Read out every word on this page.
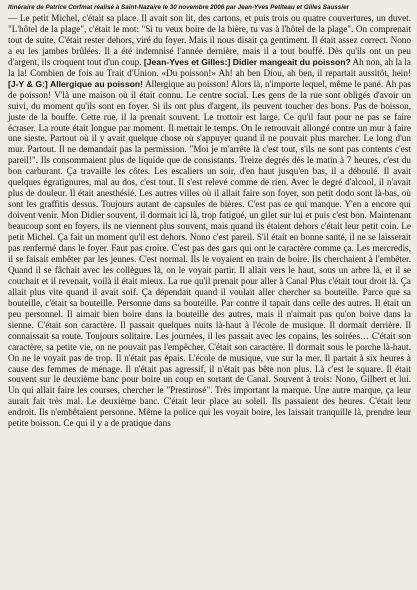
Itinéraire de Patrice Corfmat réalisé à Saint-Nazaire le 30 novembre 2006 par Jean-Yves Petiteau et Gilles Saussier

— Le petit Michel, c'était sa place. Il avait son lit, des cartons, et puis trois ou quatre couvertures, un duvet. "L'hôtel de la plage", c'était le mot: "Si tu veux boire de la bière, tu vas à l'hôtel de la plage". On comprenait tout de suite. C'était rester dehors, viré du foyer. Mais il nous disait ça gentiment. Il était assez correct. Nono a eu les jambes brûlées. Il a été indemnisé l'année dernière, mais il a tout bouffé. Dès qu'ils ont un peu d'argent, ils croquent tout d'un coup. [Jean-Yves et Gilles:] Didier mangeait du poisson? Ah non, ah la la la la! Combien de fois au Trait d'Union. «Du poisson!» Ah! ah ben Diou, ah ben, il repartait aussitôt, hein! [J-Y & G:] Allergique au poisson! Allergique au poisson! Alors là, n'importe lequel, même le pané. Ah pas de poisson! V'là une maison où il était connu. Le centre social. Les gens de la rue sont obligés d'avoir un suivi, du moment qu'ils sont en foyer. Si ils ont plus d'argent, ils peuvent toucher des bons. Pas de boisson, juste de la bouffe. Cette rue, il la prenait souvent. Le trottoir est large. Ce qu'il faut pour ne pas se faire écraser. La route était longue par moment. Il mettait le temps. On le retrouvait allongé contre un mur à faire une sieste. Partout où il y avait quelque chose où s'appuyer quand il ne pouvait plus marcher. Le long d'un mur. Partout. Il ne demandait pas la permission. "Moi je m'arrête là c'est tout, s'ils ne sont pas contents c'est pareil!". Ils consommaient plus de liquide que de consistants. Treize degrés dès le matin à 7 heures, c'est du bon carburant. Ça travaille les côtes. Les escaliers un soir, d'en haut jusqu'en bas, il a déboulé. Il avait quelques égratignures, mal au dos, c'est tout. Il s'est relevé comme de rien. Avec le degré d'alcool, il n'avait plus de douleur. Il était anesthésié. Les autres villes où il allait faire son foyer, son petit dodo sont là-bas, où sont les graffitis dessus. Toujours autant de capsules de bières. C'est pas ce qui manque. Y'en a encore qui doivent venir. Mon Didier souvent, il dormait ici là, trop fatigué, un gilet sur lui et puis c'est bon. Maintenant beaucoup sont en foyers, ils ne viennent plus souvent, mais quand ils étaient dehors c'était leur petit coin. Le petit Michel. Ça fait un moment qu'il est dehors. Nono c'est pareil. S'il était en bonne santé, il ne se laisserait pas renfermé dans le foyer. Faut pas croire. C'est pas des gars qui ont le caractère comme ça. Les mercredis, il se faisait embêter par les jeunes. C'est normal. Ils le voyaient en train de boire. Ils cherchaient à l'embêter. Quand il se fâchait avec les collègues là, on le voyait partir. Il allait vers le haut, sous un arbre là, et il se couchait et il revenait, voilà il était mieux. La rue qu'il prenait pour aller à Canal Plus c'était tout droit là. Ça allait plus vite quand il avait soif. Ça dépendait quand il voulait aller chercher sa bouteille. Parce que sa bouteille, c'était sa bouteille. Personne dans sa bouteille. Par contre il tapait dans celle des autres. Il était un peu personnel. Il aimait bien boire dans la bouteille des autres, mais il n'aimait pas qu'on boive dans la sienne. C'était son caractère. Il passait quelques nuits là-haut à l'école de musique. Il dormait derrière. Il connaissait sa route. Toujours solitaire. Les journées, il les passait avec les copains, les soirées… C'était son caractère, sa petite vie, on ne pouvait pas l'empêcher. C'était son caractère. Il dormait sous le porche là-haut. On ne le voyait pas de trop. Il n'était pas épais. L'école de musique, vue sur la mer. Il partait à six heures à cause des femmes de ménage. Il n'était pas agressif, il n'était pas bête non plus. Là c'est le square. Il était souvent sur le deuxième banc pour boire un coup en sortant de Canal. Souvent à trois: Nono, Gilbert et lui. Un qui allait faire les courses, chercher le "Prestirosé". Très important la marque. Une autre marque, ça leur aurait fait très mal. Le deuxième banc. C'était leur place au soleil. Ils passaient des heures. C'était leur endroit. Ils n'embêtaient personne. Même la police qui les voyait boire, les laissait tranquille là, prendre leur petite boisson. Ce qui il y a de pratique dans
